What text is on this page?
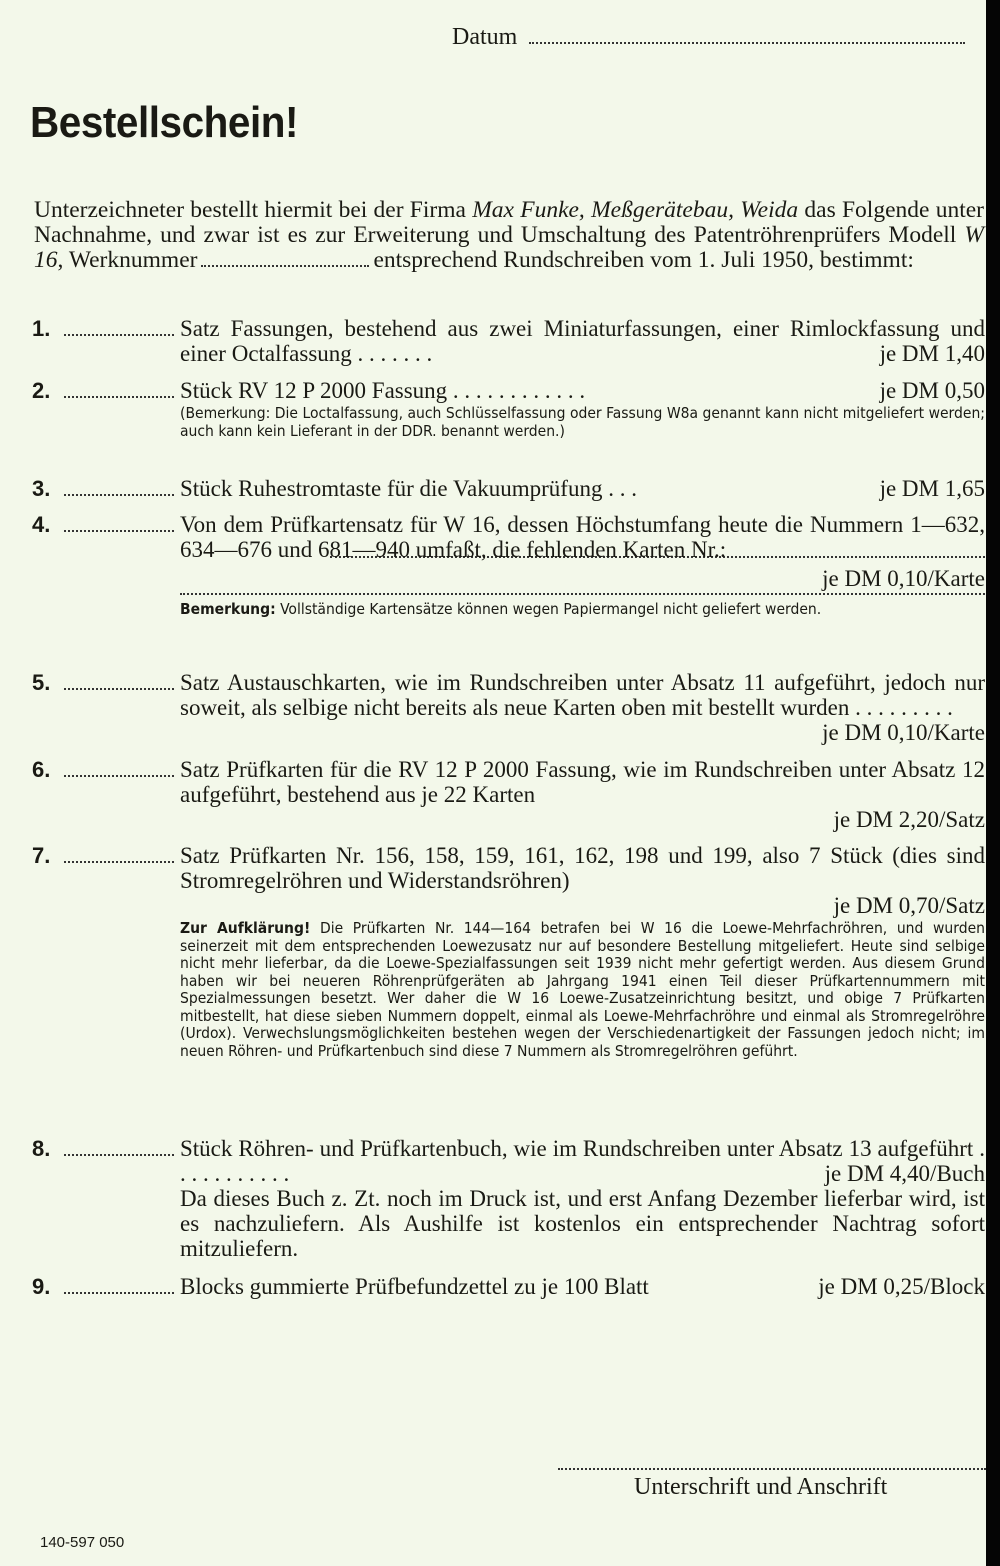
Datum
Bestellschein!
Unterzeichneter bestellt hiermit bei der Firma Max Funke, Meßgerätebau, Weida das Folgende unter Nachnahme, und zwar ist es zur Erweiterung und Umschaltung des Patentröhrenprüfers Modell W 16, Werknummer	entsprechend Rundschreiben vom 1. Juli 1950, bestimmt:
1.	Satz Fassungen, bestehend aus zwei Miniaturfassungen, einer Rimlockfassung und einer Octalfassung . . . . . . .	je DM 1,40
2.	Stück RV 12 P 2000 Fassung . . . . . . . . . . . .	je DM 0,50
(Bemerkung: Die Loctalfassung, auch Schlüsselfassung oder Fassung W8a genannt kann nicht mitgeliefert werden; auch kann kein Lieferant in der DDR. benannt werden.)
3.	Stück Ruhestromtaste für die Vakuumprüfung . . .	je DM 1,65
4.	Von dem Prüfkartensatz für W 16, dessen Höchstumfang heute die Nummern 1—632, 634—676 und 681—940 umfaßt, die fehlenden Karten Nr.:
je DM 0,10/Karte
Bemerkung: Vollständige Kartensätze können wegen Papiermangel nicht geliefert werden.
5.	Satz Austauschkarten, wie im Rundschreiben unter Absatz 11 aufgeführt, jedoch nur soweit, als selbige nicht bereits als neue Karten oben mit bestellt wurden . . . . . . . . .
je DM 0,10/Karte
6.	Satz Prüfkarten für die RV 12 P 2000 Fassung, wie im Rundschreiben unter Absatz 12 aufgeführt, bestehend aus je 22 Karten
je DM 2,20/Satz
7.	Satz Prüfkarten Nr. 156, 158, 159, 161, 162, 198 und 199, also 7 Stück (dies sind Stromregelröhren und Widerstandsröhren)
je DM 0,70/Satz
Zur Aufklärung! Die Prüfkarten Nr. 144—164 betrafen bei W 16 die Loewe-Mehrfachröhren, und wurden seinerzeit mit dem entsprechenden Loewezusatz nur auf besondere Bestellung mitgeliefert. Heute sind selbige nicht mehr lieferbar, da die Loewe-Spezialfassungen seit 1939 nicht mehr gefertigt werden. Aus diesem Grund haben wir bei neueren Röhrenprüfgeräten ab Jahrgang 1941 einen Teil dieser Prüfkartennummern mit Spezialmessungen besetzt. Wer daher die W 16 Loewe-Zusatzeinrichtung besitzt, und obige 7 Prüfkarten mitbestellt, hat diese sieben Nummern doppelt, einmal als Loewe-Mehrfachröhre und einmal als Stromregelröhre (Urdox). Verwechslungsmöglichkeiten bestehen wegen der Verschiedenartigkeit der Fassungen jedoch nicht; im neuen Röhren- und Prüfkartenbuch sind diese 7 Nummern als Stromregelröhren geführt.
8.	Stück Röhren- und Prüfkartenbuch, wie im Rundschreiben unter Absatz 13 aufgeführt . . . . . . . . . . .	je DM 4,40/Buch
Da dieses Buch z. Zt. noch im Druck ist, und erst Anfang Dezember lieferbar wird, ist es nachzuliefern. Als Aushilfe ist kostenlos ein entsprechender Nachtrag sofort mitzuliefern.
9.	Blocks gummierte Prüfbefundzettel zu je 100 Blatt	je DM 0,25/Block
Unterschrift und Anschrift
140-597 050
